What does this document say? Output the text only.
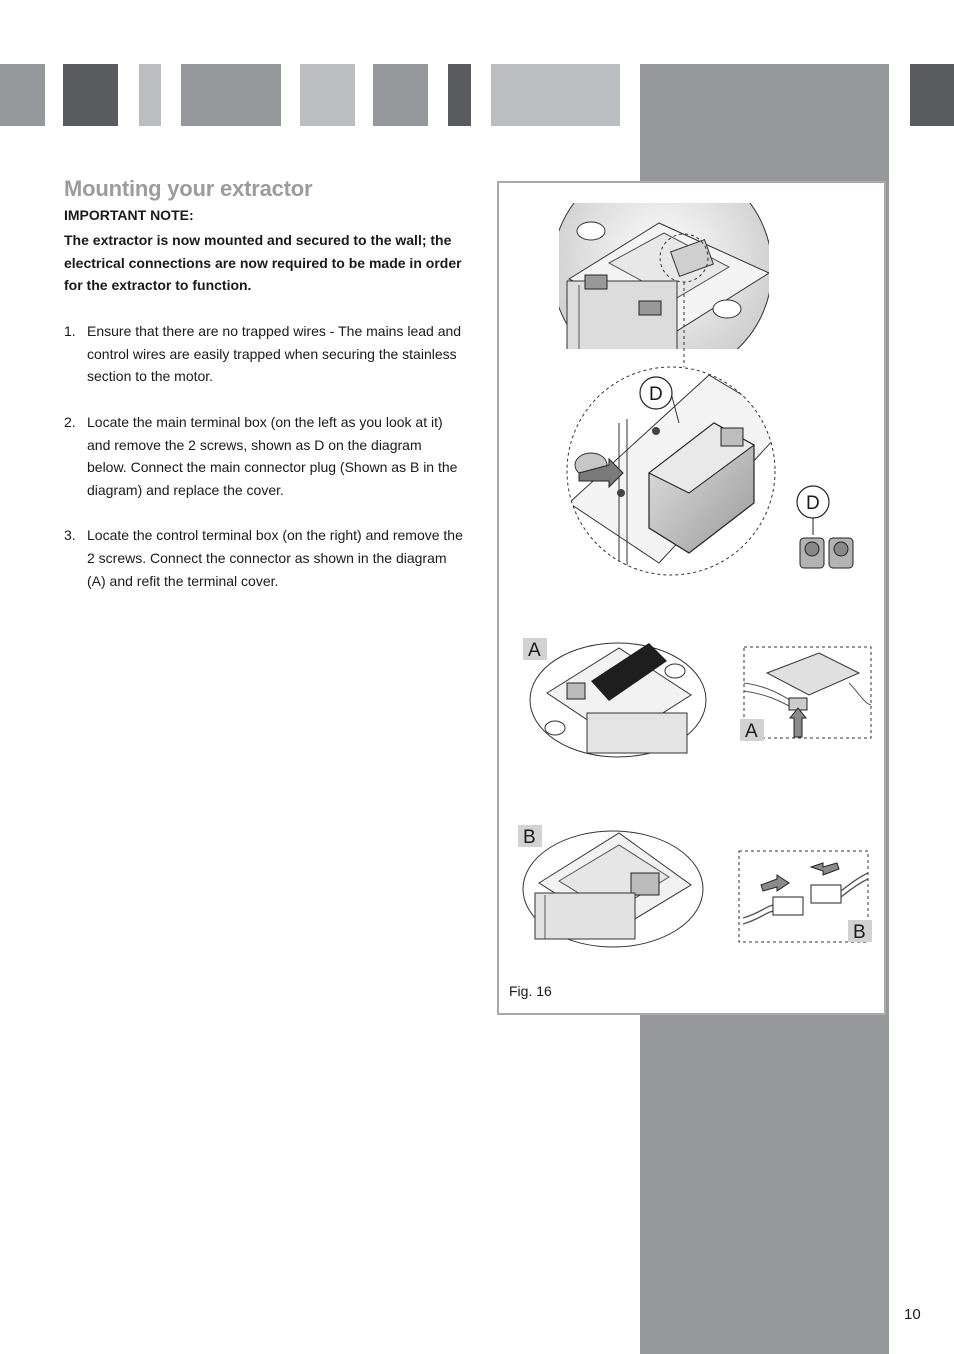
Mounting your extractor
IMPORTANT NOTE:

The extractor is now mounted and secured to the wall; the electrical connections are now required to be made in order for the extractor to function.

1. Ensure that there are no trapped wires - The mains lead and control wires are easily trapped when securing the stainless section to the motor.
2. Locate the main terminal box (on the left as you look at it) and remove the 2 screws, shown as D on the diagram below. Connect the main connector plug (Shown as B in the diagram) and replace the cover.
3. Locate the control terminal box (on the right) and remove the 2 screws. Connect the connector as shown in the diagram (A) and refit the terminal cover.
D
D
A
A
B
B
Fig. 16
10
